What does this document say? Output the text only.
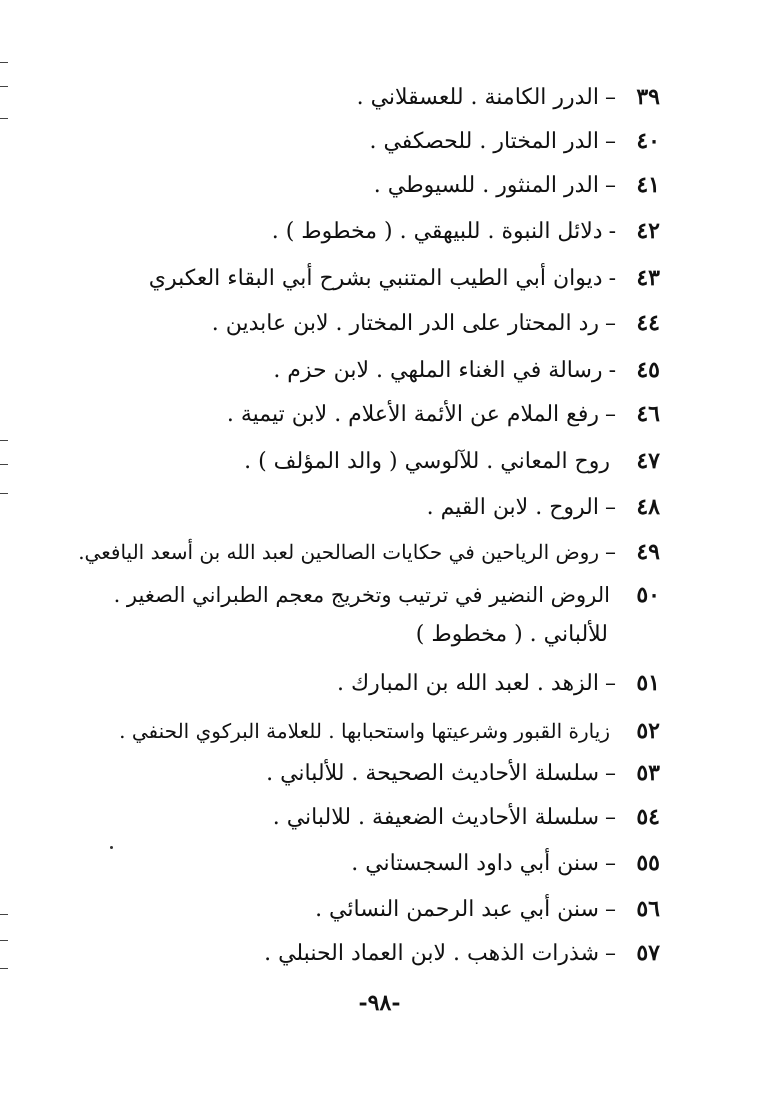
٣٩
–
الدرر الكامنة . للعسقلاني .
٤٠
–
الدر المختار . للحصكفي .
٤١
–
الدر المنثور . للسيوطي .
٤٢
-
دلائل النبوة . للبيهقي . ( مخطوط ) .
٤٣
-
ديوان أبي الطيب المتنبي بشرح أبي البقاء العكبري
٤٤
–
رد المحتار على الدر المختار . لابن عابدين .
٤٥
-
رسالة في الغناء الملهي . لابن حزم .
٤٦
–
رفع الملام عن الأئمة الأعلام . لابن تيمية .
٤٧
روح المعاني . للآلوسي ( والد المؤلف ) .
٤٨
–
الروح . لابن القيم .
٤٩
–
روض الرياحين في حكايات الصالحين لعبد الله بن أسعد اليافعي.
٥٠
الروض النضير في ترتيب وتخريج معجم الطبراني الصغير .
للألباني . ( مخطوط )
٥١
–
الزهد . لعبد الله بن المبارك .
٥٢
زيارة القبور وشرعيتها واستحبابها . للعلامة البركوي الحنفي .
٥٣
–
سلسلة الأحاديث الصحيحة . للألباني .
٥٤
–
سلسلة الأحاديث الضعيفة . للالباني .
٥٥
–
سنن أبي داود السجستاني .
٥٦
–
سنن أبي عبد الرحمن النسائي .
٥٧
–
شذرات الذهب . لابن العماد الحنبلي .
-٩٨-
